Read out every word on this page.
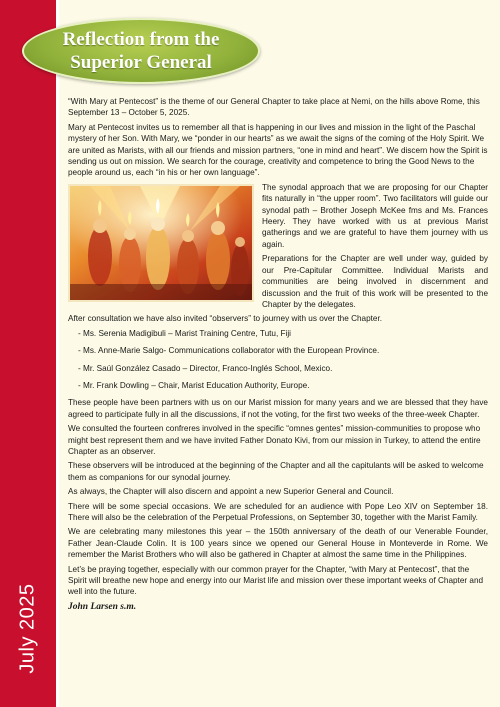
July 2025
Reflection from the
Superior General

“With Mary at Pentecost” is the theme of our General Chapter to take place at Nemi, on the hills above Rome, this September 13 – October 5, 2025.

Mary at Pentecost invites us to remember all that is happening in our lives and mission in the light of the Paschal mystery of her Son. With Mary, we “ponder in our hearts” as we await the signs of the coming of the Holy Spirit. We are united as Marists, with all our friends and mission partners, “one in mind and heart”. We discern how the Spirit is sending us out on mission. We search for the courage, creativity and competence to bring the Good News to the people around us, each “in his or her own language”.

The synodal approach that we are proposing for our Chapter fits naturally in “the upper room”. Two facilitators will guide our synodal path – Brother Joseph McKee fms and Ms. Frances Heery. They have worked with us at previous Marist gatherings and we are grateful to have them journey with us again.

Preparations for the Chapter are well under way, guided by our Pre-Capitular Committee. Individual Marists and communities are being involved in discernment and discussion and the fruit of this work will be presented to the Chapter by the delegates.

After consultation we have also invited “observers” to journey with us over the Chapter.

- Ms. Serenia Madigibuli – Marist Training Centre, Tutu, Fiji
- Ms. Anne-Marie Salgo- Communications collaborator with the European Province.
- Mr. Saúl González Casado – Director, Franco-Inglés School, Mexico.
- Mr. Frank Dowling – Chair, Marist Education Authority, Europe.

These people have been partners with us on our Marist mission for many years and we are blessed that they have agreed to participate fully in all the discussions, if not the voting, for the first two weeks of the three-week Chapter.

We consulted the fourteen confreres involved in the specific “omnes gentes” mission-communities to propose who might best represent them and we have invited Father Donato Kivi, from our mission in Turkey, to attend the entire Chapter as an observer.

These observers will be introduced at the beginning of the Chapter and all the capitulants will be asked to welcome them as companions for our synodal journey.

As always, the Chapter will also discern and appoint a new Superior General and Council.

There will be some special occasions. We are scheduled for an audience with Pope Leo XIV on September 18. There will also be the celebration of the Perpetual Professions, on September 30, together with the Marist Family.

We are celebrating many milestones this year – the 150th anniversary of the death of our Venerable Founder, Father Jean-Claude Colin. It is 100 years since we opened our General House in Monteverde in Rome. We remember the Marist Brothers who will also be gathered in Chapter at almost the same time in the Philippines.

Let’s be praying together, especially with our common prayer for the Chapter, “with Mary at Pentecost”, that the Spirit will breathe new hope and energy into our Marist life and mission over these important weeks of Chapter and well into the future.

John Larsen s.m.
